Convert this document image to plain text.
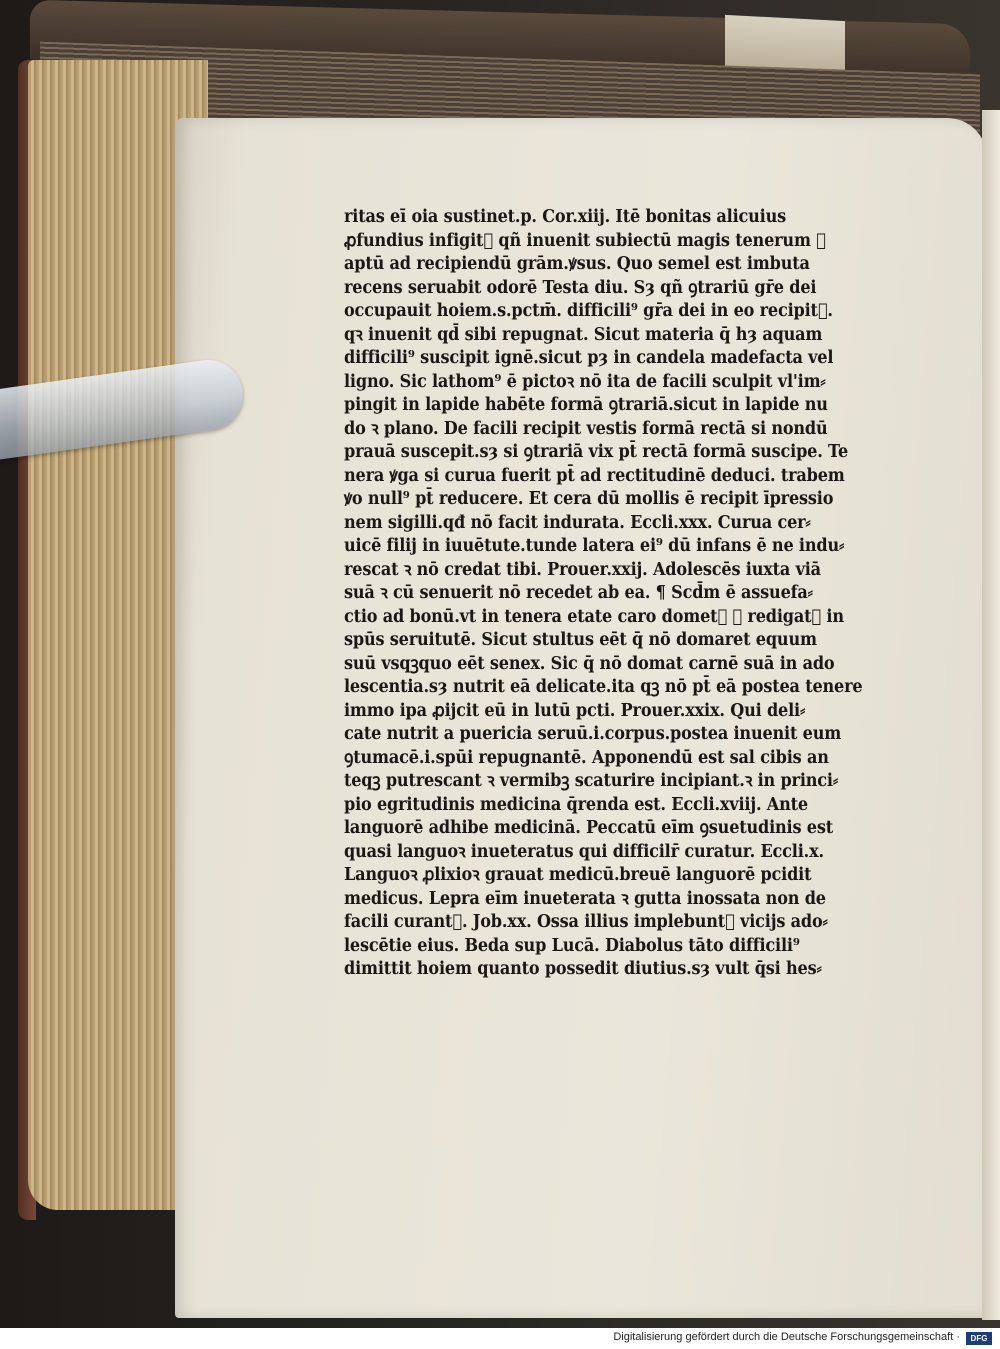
ritas eī oia sustinet.p. Cor.xiij. Itē bonitas alicuius
ꝓfundius infigitᷓ qñ inuenit subiectū magis tenerum ꝛ
aptū ad recipiendū grām.ꝟsus. Quo semel est imbuta
recens seruabit odorē Testa diu. Sȝ qñ ꝯtrariū gr̄e dei
occupauit hoiem.s.pctm̄. difficili⁹ gr̄a dei in eo recipitᷓ.
qꝛ inuenit qd̄ sibi repugnat. Sicut materia q̄ hȝ aquam
difficili⁹ suscipit ignē.sicut pȝ in candela madefacta vel
ligno. Sic lathom⁹ ē pictoꝛ nō ita de facili sculpit vl'im⸗
pingit in lapide habēte formā ꝯtrariā.sicut in lapide nu
do ꝛ plano. De facili recipit vestis formā rectā si nondū
prauā suscepit.sȝ si ꝯtrariā vix pt̄ rectā formā suscipe. Te
nera ꝟga si curua fuerit pt̄ ad rectitudinē deduci. trabem
ꝟo null⁹ pt̄ reducere. Et cera dū mollis ē recipit īpressio
nem sigilli.qđ nō facit indurata. Eccli.xxx. Curua cer⸗
uicē filij in iuuētute.tunde latera ei⁹ dū infans ē ne indu⸗
rescat ꝛ nō credat tibi. Prouer.xxij. Adolescēs iuxta viā
suā ꝛ cū senuerit nō recedet ab ea. ¶ Scd̄m ē assuefa⸗
ctio ad bonū.vt in tenera etate caro dometᷓ ꝛ redigatᷓ in
spūs seruitutē. Sicut stultus eēt q̄ nō domaret equum
suū vsqꝫquo eēt senex. Sic q̄ nō domat carnē suā in ado
lescentia.sȝ nutrit eā delicate.ita qꝫ nō pt̄ eā postea tenere
immo ipa ꝓijcit eū in lutū pcti. Prouer.xxix. Qui deli⸗
cate nutrit a puericia seruū.i.corpus.postea inuenit eum
ꝯtumacē.i.spūi repugnantē. Apponendū est sal cibis an
teqꝫ putrescant ꝛ vermibꝫ scaturire incipiant.ꝛ in princi⸗
pio egritudinis medicina q̄renda est. Eccli.xviij. Ante
languorē adhibe medicinā. Peccatū eīm ꝯsuetudinis est
quasi languoꝛ inueteratus qui difficilr̄ curatur. Eccli.x.
Languoꝛ ꝓlixioꝛ grauat medicū.breuē languorē pcidit
medicus. Lepra eīm inueterata ꝛ gutta inossata non de
facili curantᷓ. Job.xx. Ossa illius implebuntᷓ vicijs ado⸗
lescētie eius. Beda sup Lucā. Diabolus tāto difficili⁹
dimittit hoiem quanto possedit diutius.sȝ vult q̄si hes⸗
Digitalisierung gefördert durch die Deutsche Forschungsgemeinschaft ·	DFG
